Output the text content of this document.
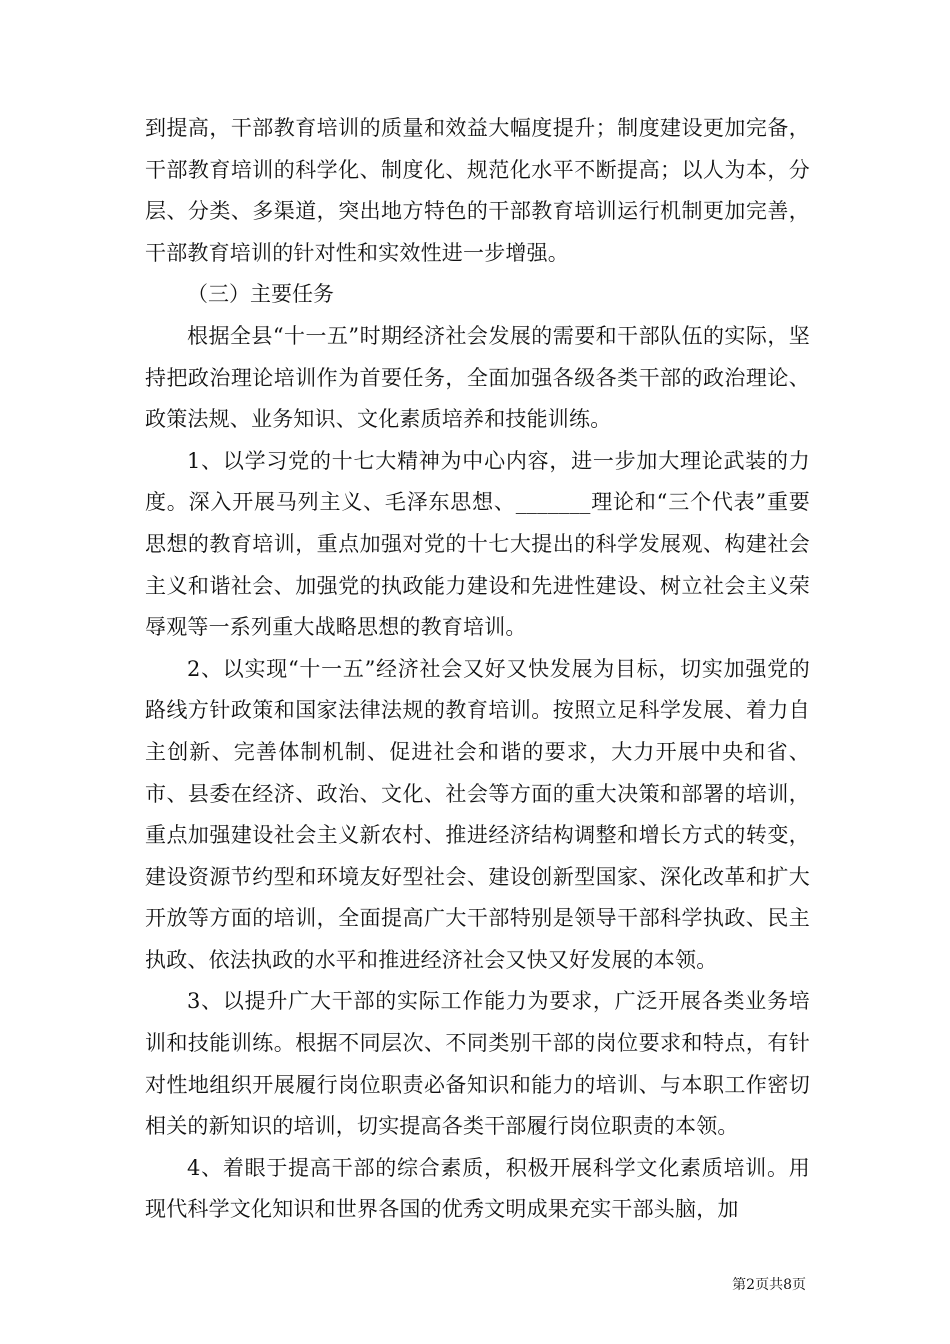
到提高，干部教育培训的质量和效益大幅度提升；制度建设更加完备，干部教育培训的科学化、制度化、规范化水平不断提高；以人为本，分层、分类、多渠道，突出地方特色的干部教育培训运行机制更加完善，干部教育培训的针对性和实效性进一步增强。

（三）主要任务

根据全县“十一五”时期经济社会发展的需要和干部队伍的实际，坚持把政治理论培训作为首要任务，全面加强各级各类干部的政治理论、政策法规、业务知识、文化素质培养和技能训练。

1、以学习党的十七大精神为中心内容，进一步加大理论武装的力度。深入开展马列主义、毛泽东思想、_______理论和“三个代表”重要思想的教育培训，重点加强对党的十七大提出的科学发展观、构建社会主义和谐社会、加强党的执政能力建设和先进性建设、树立社会主义荣辱观等一系列重大战略思想的教育培训。

2、以实现“十一五”经济社会又好又快发展为目标，切实加强党的路线方针政策和国家法律法规的教育培训。按照立足科学发展、着力自主创新、完善体制机制、促进社会和谐的要求，大力开展中央和省、市、县委在经济、政治、文化、社会等方面的重大决策和部署的培训，重点加强建设社会主义新农村、推进经济结构调整和增长方式的转变，建设资源节约型和环境友好型社会、建设创新型国家、深化改革和扩大开放等方面的培训，全面提高广大干部特别是领导干部科学执政、民主执政、依法执政的水平和推进经济社会又快又好发展的本领。

3、以提升广大干部的实际工作能力为要求，广泛开展各类业务培训和技能训练。根据不同层次、不同类别干部的岗位要求和特点，有针对性地组织开展履行岗位职责必备知识和能力的培训、与本职工作密切相关的新知识的培训，切实提高各类干部履行岗位职责的本领。

4、着眼于提高干部的综合素质，积极开展科学文化素质培训。用现代科学文化知识和世界各国的优秀文明成果充实干部头脑，加

第2页共8页
